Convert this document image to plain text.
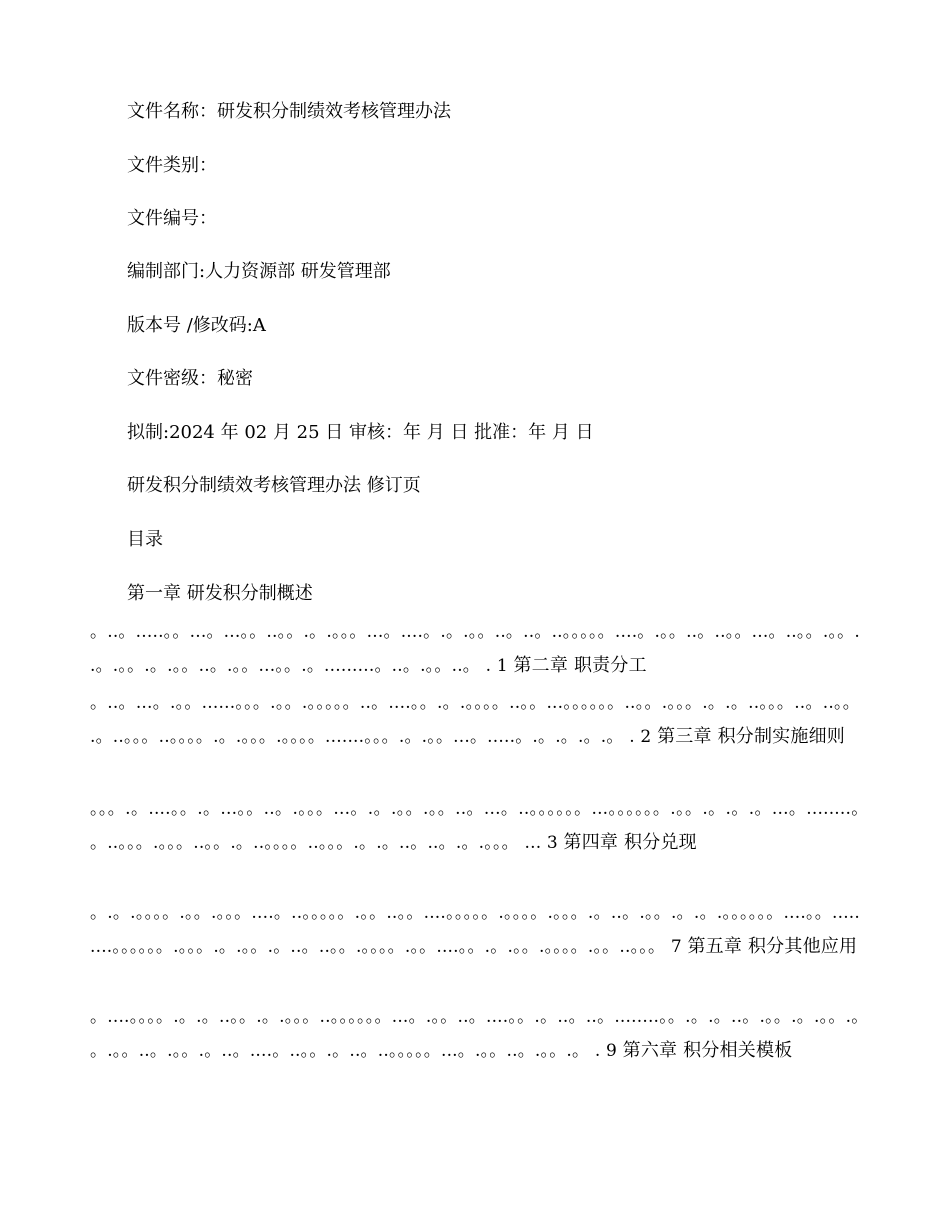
文件名称：研发积分制绩效考核管理办法
文件类别：
文件编号：
编制部门:人力资源部 研发管理部
版本号 /修改码:A
文件密级：秘密
拟制:2024 年 02 月 25 日 审核：年 月 日 批准：年 月 日
研发积分制绩效考核管理办法 修订页
目录
第一章 研发积分制概述
。..。.....。。...。...。。..。。.。.。。。...。....。.。.。。..。..。..。。。。。....。.。。..。..。。...。..。。.。。..。.。。.。.。。..。.。。...。。.。.........。..。.。。..。 . 1 第二章 职责分工
。..。...。.。。......。。。.。。.。。。。。..。....。。.。.。。。。..。。...。。。。。。..。。.。。。.。.。..。。。..。..。。.。..。。。..。。。。.。.。。。.。。。。.......。。。.。.。。...。.....。.。.。.。.。 . 2 第三章 积分制实施细则
。。。.。....。。.。...。。..。.。。。...。.。.。。.。。..。...。..。。。。。。...。。。。。。.。。.。.。.。...。........。。..。。。.。。。..。。.。..。。。。..。。。.。.。..。..。.。.。。。 ... 3 第四章 积分兑现
。.。.。。。。.。。.。。。....。..。。。。。.。。..。。....。。。。。.。。。。.。。。.。..。.。。.。.。.。。。。。。....。。.........。。。。。。.。。。.。.。。.。..。..。。.。。。。.。。....。。.。.。。.。。。。.。。..。。。 7 第五章 积分其他应用
。....。。。。.。.。..。。.。.。。。..。。。。。。...。.。。..。....。。.。..。..。........。。.。.。..。.。。.。.。。.。。.。。..。.。。.。..。....。..。。.。..。..。。。。。...。.。。..。.。。.。 . 9 第六章 积分相关模板
